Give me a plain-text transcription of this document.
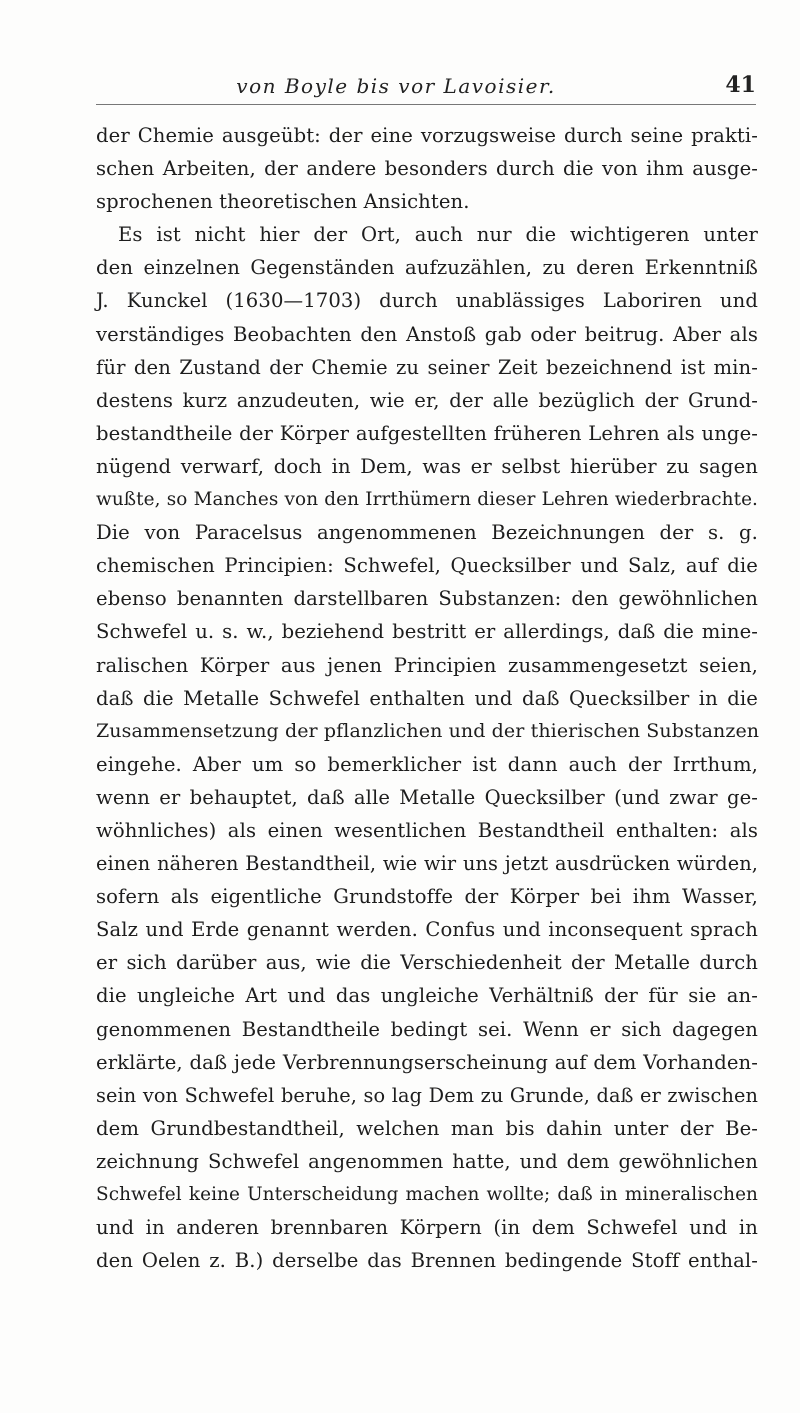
von Boyle bis vor Lavoisier.	41
der Chemie ausgeübt: der eine vorzugsweise durch seine prakti-
schen Arbeiten, der andere besonders durch die von ihm ausge-
sprochenen theoretischen Ansichten.
Es ist nicht hier der Ort, auch nur die wichtigeren unter
den einzelnen Gegenständen aufzuzählen, zu deren Erkenntniß
J. Kunckel (1630—1703) durch unablässiges Laboriren und
verständiges Beobachten den Anstoß gab oder beitrug. Aber als
für den Zustand der Chemie zu seiner Zeit bezeichnend ist min-
destens kurz anzudeuten, wie er, der alle bezüglich der Grund-
bestandtheile der Körper aufgestellten früheren Lehren als unge-
nügend verwarf, doch in Dem, was er selbst hierüber zu sagen
wußte, so Manches von den Irrthümern dieser Lehren wiederbrachte.
Die von Paracelsus angenommenen Bezeichnungen der s. g.
chemischen Principien: Schwefel, Quecksilber und Salz, auf die
ebenso benannten darstellbaren Substanzen: den gewöhnlichen
Schwefel u. s. w., beziehend bestritt er allerdings, daß die mine-
ralischen Körper aus jenen Principien zusammengesetzt seien,
daß die Metalle Schwefel enthalten und daß Quecksilber in die
Zusammensetzung der pflanzlichen und der thierischen Substanzen
eingehe. Aber um so bemerklicher ist dann auch der Irrthum,
wenn er behauptet, daß alle Metalle Quecksilber (und zwar ge-
wöhnliches) als einen wesentlichen Bestandtheil enthalten: als
einen näheren Bestandtheil, wie wir uns jetzt ausdrücken würden,
sofern als eigentliche Grundstoffe der Körper bei ihm Wasser,
Salz und Erde genannt werden. Confus und inconsequent sprach
er sich darüber aus, wie die Verschiedenheit der Metalle durch
die ungleiche Art und das ungleiche Verhältniß der für sie an-
genommenen Bestandtheile bedingt sei. Wenn er sich dagegen
erklärte, daß jede Verbrennungserscheinung auf dem Vorhanden-
sein von Schwefel beruhe, so lag Dem zu Grunde, daß er zwischen
dem Grundbestandtheil, welchen man bis dahin unter der Be-
zeichnung Schwefel angenommen hatte, und dem gewöhnlichen
Schwefel keine Unterscheidung machen wollte; daß in mineralischen
und in anderen brennbaren Körpern (in dem Schwefel und in
den Oelen z. B.) derselbe das Brennen bedingende Stoff enthal-
